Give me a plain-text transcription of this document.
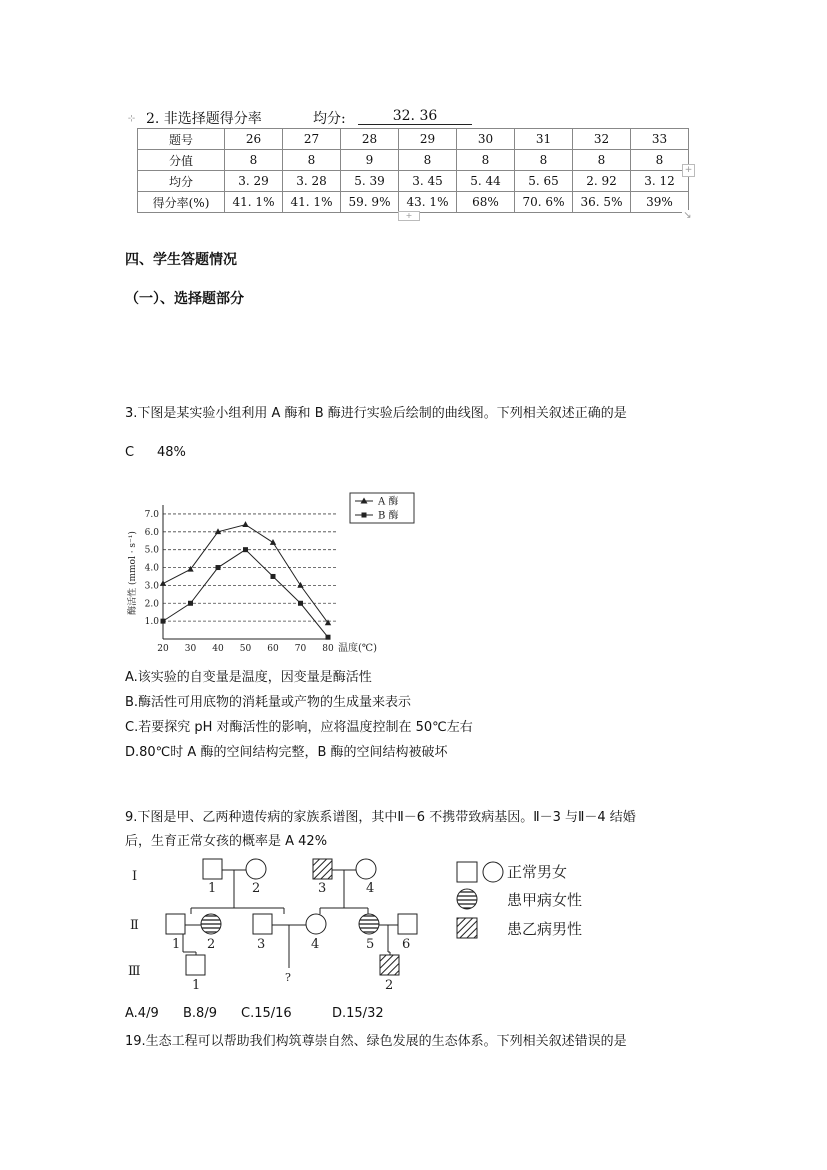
⊹ 2. 非选择题得分率	均分:	32. 36
题号	26	27	28	29	30	31	32	33
分值	8	8	9	8	8	8	8	8
均分	3. 29	3. 28	5. 39	3. 45	5. 44	5. 65	2. 92	3. 12
得分率(%)	41. 1%	41. 1%	59. 9%	43. 1%	68%	70. 6%	36. 5%	39%
+
+	↘
四、学生答题情况
（一）、选择题部分
3.下图是某实验小组利用 A 酶和 B 酶进行实验后绘制的曲线图。下列相关叙述正确的是
C 48%
1.0
2.0
3.0
4.0
5.0
6.0
7.0
20 30 40 50 60 70 80
酶活性 (mmol · s⁻¹)
温度(℃)
A 酶
B 酶
A.该实验的自变量是温度，因变量是酶活性
B.酶活性可用底物的消耗量或产物的生成量来表示
C.若要探究 pH 对酶活性的影响，应将温度控制在 50℃左右
D.80℃时 A 酶的空间结构完整，B 酶的空间结构被破坏
9.下图是甲、乙两种遗传病的家族系谱图，其中Ⅱ－6 不携带致病基因。Ⅱ－3 与Ⅱ－4 结婚
后，生育正常女孩的概率是 A 42%
Ⅰ
Ⅱ
Ⅲ
1	2	3	4
1 2	3	4	5 6
1
?
2
正常男女
患甲病女性
患乙病男性
A.4/9 B.8/9 C.15/16	D.15/32
19.生态工程可以帮助我们构筑尊崇自然、绿色发展的生态体系。下列相关叙述错误的是
